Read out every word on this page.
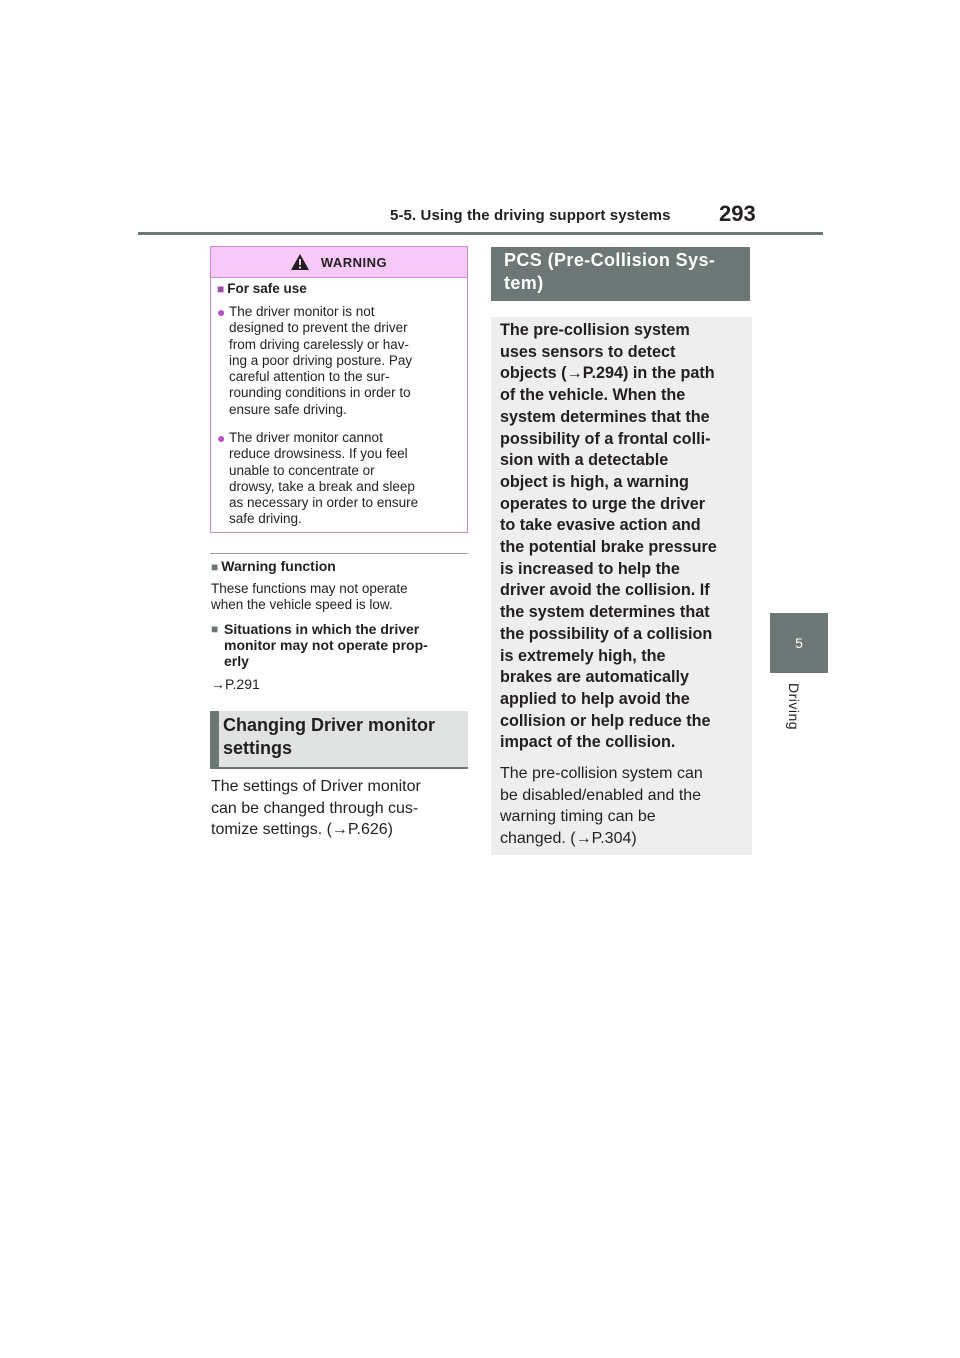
5-5. Using the driving support systems 293
5
Driving
WARNING
■ For safe use
● The driver monitor is not
designed to prevent the driver
from driving carelessly or hav-
ing a poor driving posture. Pay
careful attention to the sur-
rounding conditions in order to
ensure safe driving.
● The driver monitor cannot
reduce drowsiness. If you feel
unable to concentrate or
drowsy, take a break and sleep
as necessary in order to ensure
safe driving.
■ Warning function
These functions may not operate
when the vehicle speed is low.
■ Situations in which the driver
monitor may not operate prop-
erly
→P.291
Changing Driver monitor
settings
The settings of Driver monitor
can be changed through cus-
tomize settings. (→P.626)
PCS (Pre-Collision Sys-
tem)
The pre-collision system
uses sensors to detect
objects (→P.294) in the path
of the vehicle. When the
system determines that the
possibility of a frontal colli-
sion with a detectable
object is high, a warning
operates to urge the driver
to take evasive action and
the potential brake pressure
is increased to help the
driver avoid the collision. If
the system determines that
the possibility of a collision
is extremely high, the
brakes are automatically
applied to help avoid the
collision or help reduce the
impact of the collision.
The pre-collision system can
be disabled/enabled and the
warning timing can be
changed. (→P.304)
